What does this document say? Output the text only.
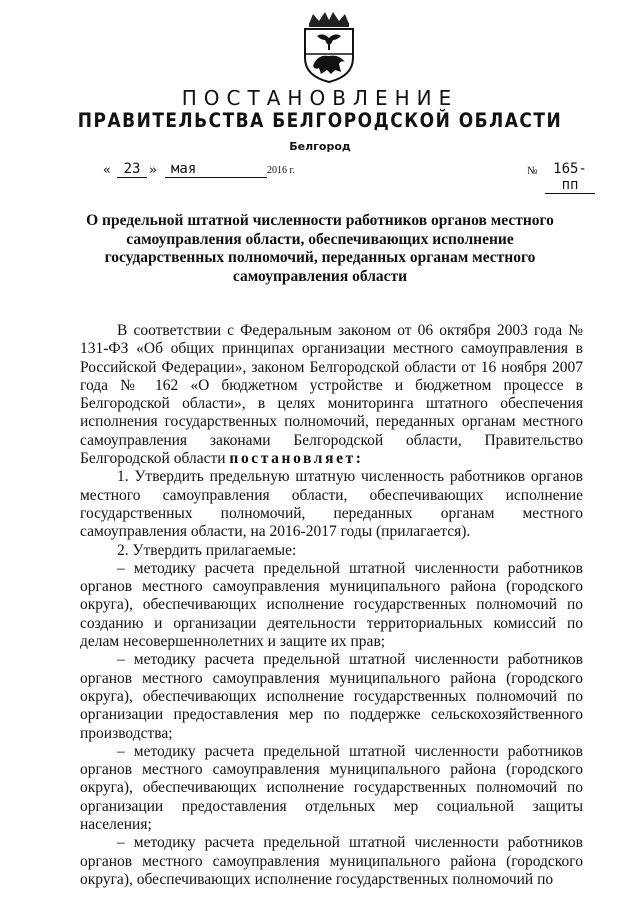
ПОСТАНОВЛЕНИЕ
ПРАВИТЕЛЬСТВА БЕЛГОРОДСКОЙ ОБЛАСТИ
Белгород
« 23 »	мая	2016 г.	№	165-пп
О предельной штатной численности работников органов местного
самоуправления области, обеспечивающих исполнение
государственных полномочий, переданных органам местного
самоуправления области

В соответствии с Федеральным законом от 06 октября 2003 года № 131-ФЗ «Об общих принципах организации местного самоуправления в Российской Федерации», законом Белгородской области от 16 ноября 2007 года № 162 «О бюджетном устройстве и бюджетном процессе в Белгородской области», в целях мониторинга штатного обеспечения исполнения государственных полномочий, переданных органам местного самоуправления законами Белгородской области, Правительство Белгородской области постановляет:

1. Утвердить предельную штатную численность работников органов местного самоуправления области, обеспечивающих исполнение государственных полномочий, переданных органам местного самоуправления области, на 2016-2017 годы (прилагается).

2. Утвердить прилагаемые:

– методику расчета предельной штатной численности работников органов местного самоуправления муниципального района (городского округа), обеспечивающих исполнение государственных полномочий по созданию и организации деятельности территориальных комиссий по делам несовершеннолетних и защите их прав;

– методику расчета предельной штатной численности работников органов местного самоуправления муниципального района (городского округа), обеспечивающих исполнение государственных полномочий по организации предоставления мер по поддержке сельскохозяйственного производства;

– методику расчета предельной штатной численности работников органов местного самоуправления муниципального района (городского округа), обеспечивающих исполнение государственных полномочий по организации предоставления отдельных мер социальной защиты населения;

– методику расчета предельной штатной численности работников органов местного самоуправления муниципального района (городского округа), обеспечивающих исполнение государственных полномочий по
